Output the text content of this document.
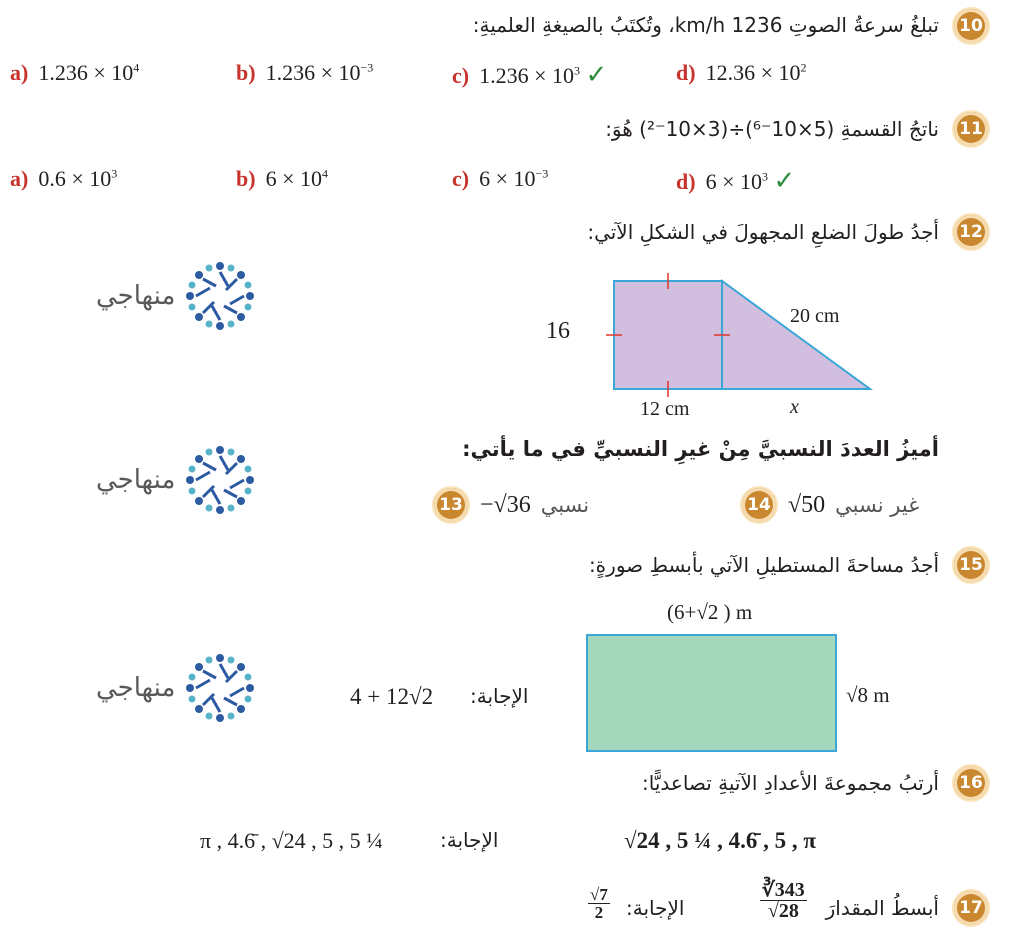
10
تبلغُ سرعةُ الصوتِ 1236 km/h، وتُكتَبُ بالصيغةِ العلميةِ:
a) $1.236 \times 10^4$	b) $1.236 \times 10^{-3}$	c) $1.236 \times 10^3$ ✓	d) $12.36 \times 10^2$
11
ناتجُ القسمةِ (5×10⁻⁶)÷(3×10⁻²) هُوَ:
a) $0.6 \times 10^3$	b) $6 \times 10^4$	c) $6 \times 10^{-3}$	d) $6 \times 10^3$ ✓
12
أجدُ طولَ الضلعِ المجهولَ في الشكلِ الآتي:
16
20 cm
12 cm	x
منهاجي
منهاجي
منهاجي
أميزُ العددَ النسبيَّ مِنْ غيرِ النسبيِّ في ما يأتي:
14 √50 غير نسبي
13 −√36 نسبي
15
أجدُ مساحةَ المستطيلِ الآتي بأبسطِ صورةٍ:
(6+√2 ) m
√8 m
الإجابة:
4 + 12√2
16
أرتبُ مجموعةَ الأعدادِ الآتيةِ تصاعديًّا:
√24 , 5 ¼ , 4.6̄ , 5 , π
الإجابة:
π , 4.6̄ , √24 , 5 , 5 ¼
17
أبسطُ المقدارَ
$\frac{∛343}{√28}$
الإجابة:
$\frac{√7}{2}$
